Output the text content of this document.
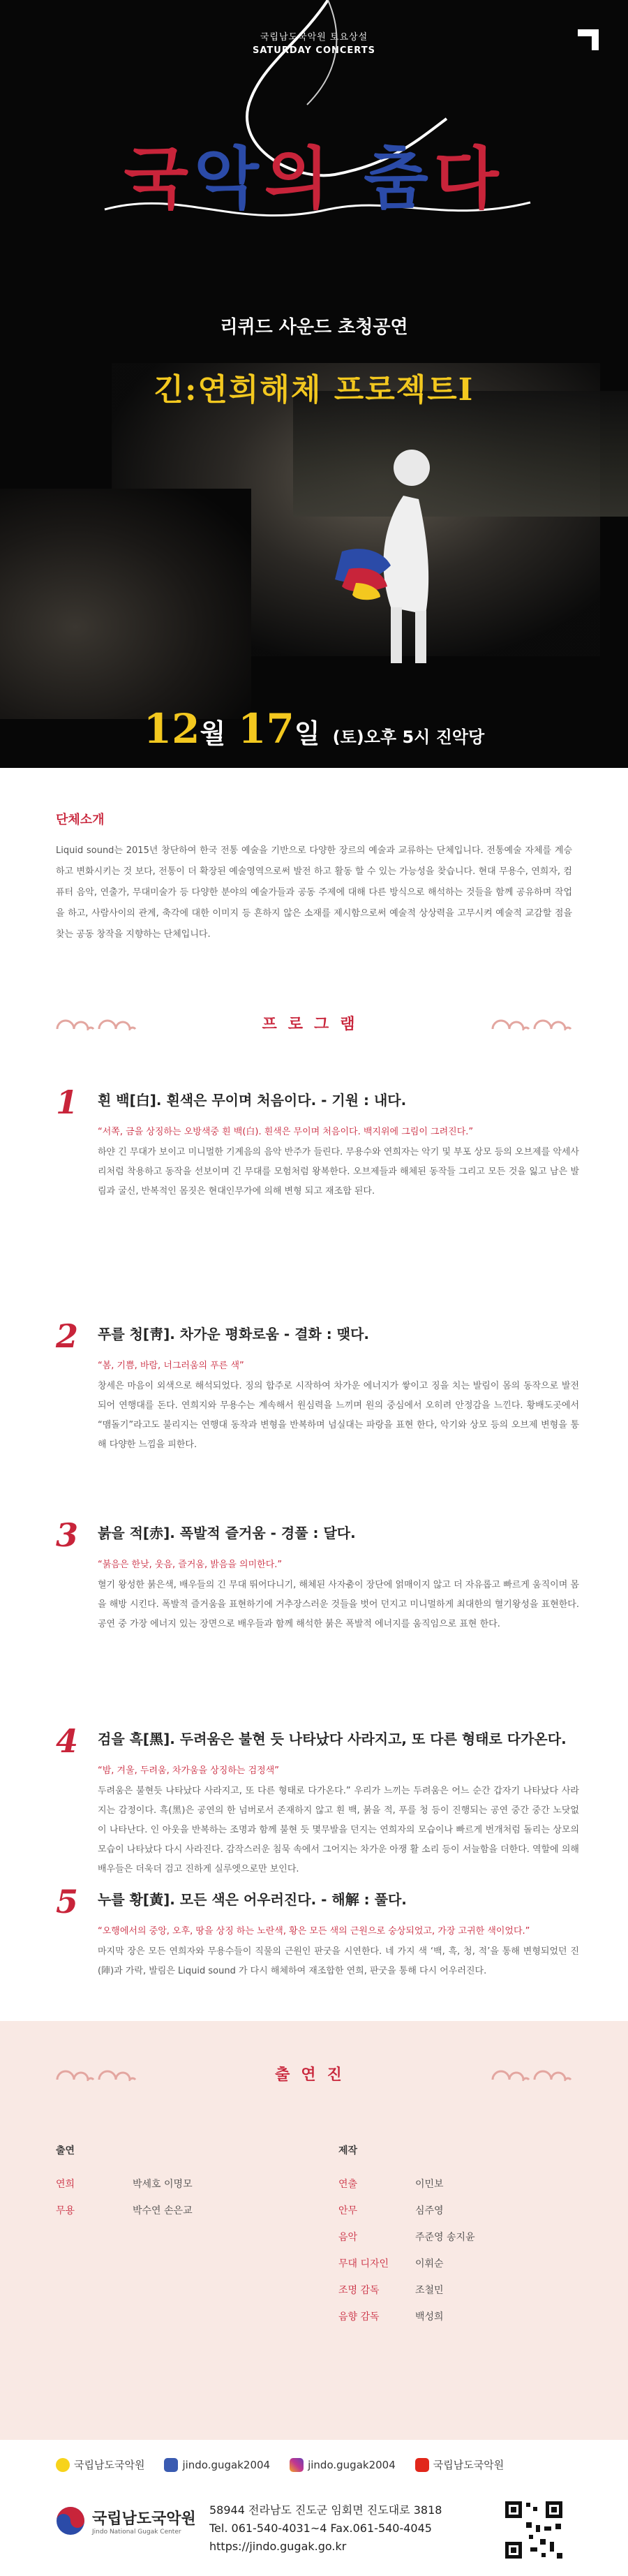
국립남도국악원 토요상설
SATURDAY CONCERTS
국악의 춤다
리퀴드 사운드 초청공연
긴:연희해체 프로젝트Ⅰ
12월 17일 (토)오후 5시 진악당
단체소개

Liquid sound는 2015년 창단하여 한국 전통 예술을 기반으로 다양한 장르의 예술과 교류하는 단체입니다. 전통예술 자체를 계승하고 변화시키는 것 보다, 전통이 더 확장된 예술영역으로써 발전 하고 활동 할 수 있는 가능성을 찾습니다. 현대 무용수, 연희자, 컴퓨터 음악, 연출가, 무대미술가 등 다양한 분야의 예술가들과 공동 주제에 대해 다른 방식으로 해석하는 것들을 함께 공유하며 작업을 하고, 사람사이의 관계, 축각에 대한 이미지 등 흔하지 않은 소재를 제시함으로써 예술적 상상력을 고무시켜 예술적 교감할 점을 찾는 공동 창작을 지향하는 단체입니다.

프로그램
1 흰 백[白]. 흰색은 무이며 처음이다. - 기원 : 내다.
“서쪽, 금을 상징하는 오방색중 흰 백(白). 흰색은 무이며 처음이다. 백지위에 그림이 그려진다.”
하얀 긴 무대가 보이고 미니멀한 기계음의 음악 반주가 들린다. 무용수와 연희자는 악기 및 부포 상모 등의 오브제를 악세사리처럼 착용하고 동작을 선보이며 긴 무대를 모험처럼 왕복한다. 오브제들과 해체된 동작들 그리고 모든 것을 잃고 남은 발림과 굴신, 반복적인 몸짓은 현대인무가에 의해 변형 되고 재조합 된다.
2 푸를 청[靑]. 차가운 평화로움 - 결화 : 맺다.
“봄, 기쁨, 바람, 너그러움의 푸른 색”
창세은 마음이 외색으로 해석되었다. 징의 합주로 시작하여 차가운 에너지가 쌓이고 징을 치는 발림이 몸의 동작으로 발전되어 연행대를 돈다. 연희지와 무용수는 계속해서 원심력을 느끼며 원의 중심에서 오히려 안정감을 느낀다. 황배도곳에서 “맴돌기”라고도 불리지는 연행대 동작과 변형을 반복하며 넘실대는 파랑을 표현 한다, 악기와 상모 등의 오브제 변형을 통해 다양한 느낌을 피한다.
3 붉을 적[赤]. 폭발적 즐거움 - 경풀 : 달다.
“붉음은 한낮, 웃음, 즐거움, 밝음을 의미한다.”
혈기 왕성한 붉은색, 배우들의 긴 무대 뛰어다니기, 해체된 사자춤이 장단에 얽매이지 않고 더 자유롭고 빠르게 움직이며 몸을 해방 시킨다. 폭발적 즐거움을 표현하기에 거추장스러운 것들을 벗어 던지고 미니멀하게 최대한의 혈기왕성을 표현한다. 공연 중 가장 에너지 있는 장면으로 배우들과 함께 해석한 붉은 폭발적 에너지를 움직임으로 표현 한다.
4 검을 흑[黑]. 두려움은 불현 듯 나타났다 사라지고, 또 다른 형태로 다가온다.
“밤, 겨울, 두려움, 차가움을 상징하는 검정색”
두려움은 불현듯 나타났다 사라지고, 또 다른 형태로 다가온다.” 우리가 느끼는 두려움은 어느 순간 갑자기 나타났다 사라지는 감정이다. 흑(黑)은 공연의 한 넘버로서 존재하지 않고 흰 백, 붉을 적, 푸를 청 등이 진행되는 공연 중간 중간 노닷없이 나타난다. 인 아웃을 반복하는 조명과 함께 불현 듯 몇무발을 던지는 연희자의 모습이나 빠르게 번개처럼 돌리는 상모의 모습이 나타났다 다시 사라진다. 감작스러운 침묵 속에서 그어지는 차가운 아쟁 활 소리 등이 서늘함을 더한다. 역할에 의해 배우들은 더욱더 검고 진하게 실루엣으로만 보인다.
5 누를 황[黃]. 모든 색은 어우러진다. - 해解 : 풀다.
“오행에서의 중앙, 오후, 땅을 상징 하는 노란색, 황은 모든 색의 근원으로 숭상되었고, 가장 고귀한 색이었다.”
마지막 장은 모든 연희자와 무용수들이 직물의 근원인 판굿을 시연한다. 네 가지 색 ‘백, 흑, 청, 적’을 통해 변형되었던 진(陣)과 가락, 발림은 Liquid sound 가 다시 해체하여 재조합한 연희, 판굿을 통해 다시 어우러진다.
출연진
출연
연희	박세호 이명모
무용	박수연 손은교
제작
연출	이민보
안무	심주영
음악	주준영 송지윤
무대 디자인	이휘순
조명 감독	조철민
음향 감독	백성희
국립남도국악원	jindo.gugak2004	jindo.gugak2004	국립남도국악원
국립남도국악원
Jindo National Gugak Center
58944 전라남도 진도군 임회면 진도대로 3818
Tel. 061-540-4031~4 Fax.061-540-4045
https://jindo.gugak.go.kr
